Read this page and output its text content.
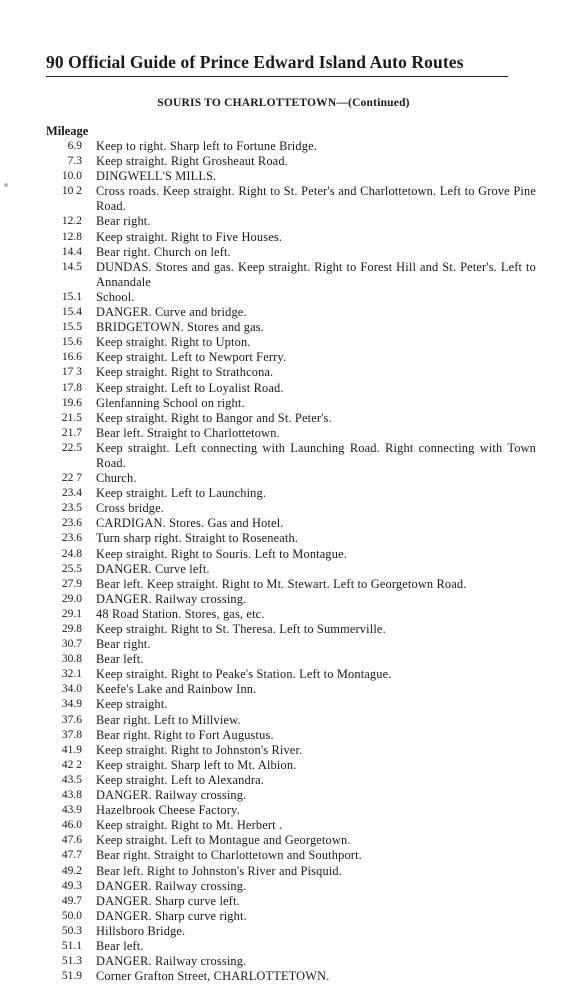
90 Official Guide of Prince Edward Island Auto Routes
SOURIS TO CHARLOTTETOWN—(Continued)
Mileage
6.9 Keep to right. Sharp left to Fortune Bridge.
7.3 Keep straight. Right Grosheaut Road.
10.0 DINGWELL'S MILLS.
10 2 Cross roads. Keep straight. Right to St. Peter's and Charlottetown. Left to Grove Pine Road.
12.2 Bear right.
12.8 Keep straight. Right to Five Houses.
14.4 Bear right. Church on left.
14.5 DUNDAS. Stores and gas. Keep straight. Right to Forest Hill and St. Peter's. Left to Annandale
15.1 School.
15.4 DANGER. Curve and bridge.
15.5 BRIDGETOWN. Stores and gas.
15.6 Keep straight. Right to Upton.
16.6 Keep straight. Left to Newport Ferry.
17 3 Keep straight. Right to Strathcona.
17.8 Keep straight. Left to Loyalist Road.
19.6 Glenfanning School on right.
21.5 Keep straight. Right to Bangor and St. Peter's.
21.7 Bear left. Straight to Charlottetown.
22.5 Keep straight. Left connecting with Launching Road. Right connecting with Town Road.
22 7 Church.
23.4 Keep straight. Left to Launching.
23.5 Cross bridge.
23.6 CARDIGAN. Stores. Gas and Hotel.
23.6 Turn sharp right. Straight to Roseneath.
24.8 Keep straight. Right to Souris. Left to Montague.
25.5 DANGER. Curve left.
27.9 Bear left. Keep straight. Right to Mt. Stewart. Left to Georgetown Road.
29.0 DANGER. Railway crossing.
29.1 48 Road Station. Stores, gas, etc.
29.8 Keep straight. Right to St. Theresa. Left to Summerville.
30.7 Bear right.
30.8 Bear left.
32.1 Keep straight. Right to Peake's Station. Left to Montague.
34.0 Keefe's Lake and Rainbow Inn.
34.9 Keep straight.
37.6 Bear right. Left to Millview.
37.8 Bear right. Right to Fort Augustus.
41.9 Keep straight. Right to Johnston's River.
42 2 Keep straight. Sharp left to Mt. Albion.
43.5 Keep straight. Left to Alexandra.
43.8 DANGER. Railway crossing.
43.9 Hazelbrook Cheese Factory.
46.0 Keep straight. Right to Mt. Herbert .
47.6 Keep straight. Left to Montague and Georgetown.
47.7 Bear right. Straight to Charlottetown and Southport.
49.2 Bear left. Right to Johnston's River and Pisquid.
49.3 DANGER. Railway crossing.
49.7 DANGER. Sharp curve left.
50.0 DANGER. Sharp curve right.
50.3 Hillsboro Bridge.
51.1 Bear left.
51.3 DANGER. Railway crossing.
51.9 Corner Grafton Street, CHARLOTTETOWN.
